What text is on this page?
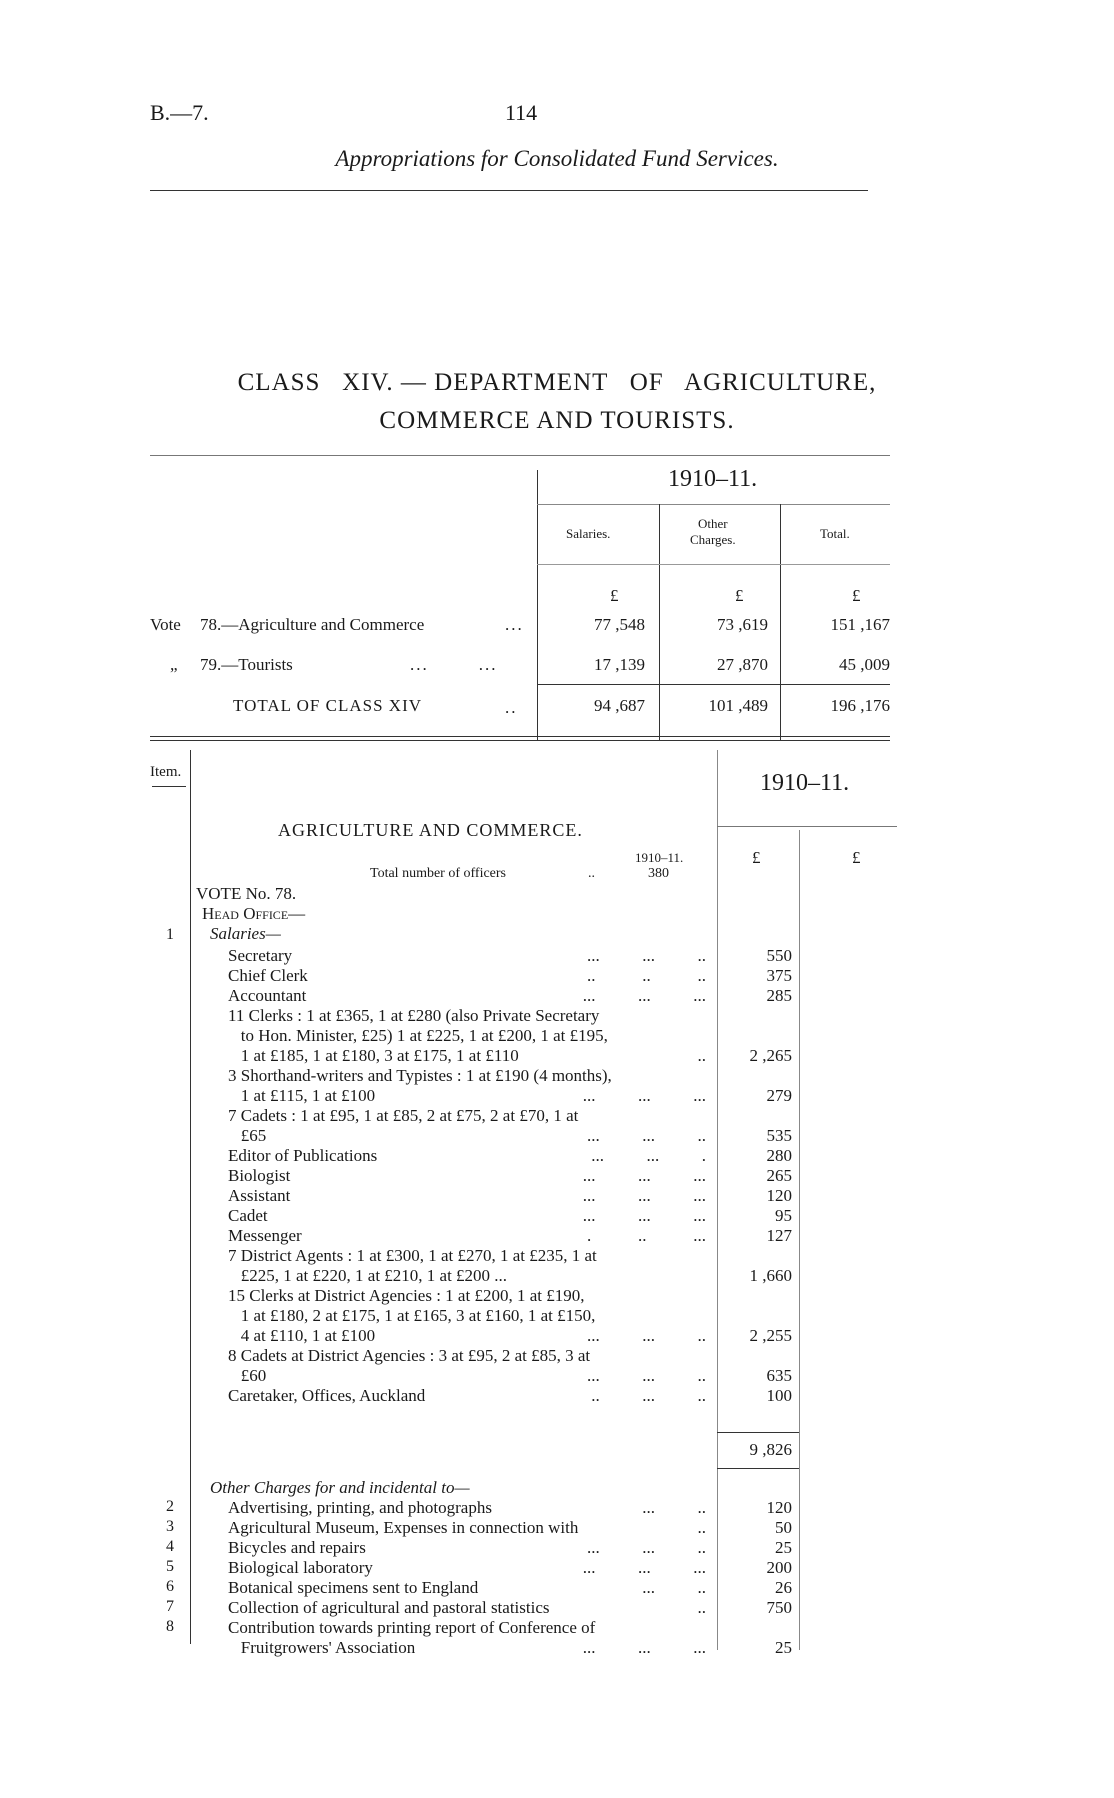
B.—7.	114
Appropriations for Consolidated Fund Services.
CLASS   XIV. — DEPARTMENT   OF   AGRICULTURE,
COMMERCE AND TOURISTS.
1910–11.
Salaries.
Other
Charges.	Total.
£	£	£
Vote 78.—Agriculture and Commerce	...	77 ,548	73 ,619	151 ,167
„ 79.—Tourists	...        ...	17 ,139	27 ,870	45 ,009
TOTAL OF CLASS XIV	..	94 ,687	101 ,489	196 ,176
Item.	1910–11.
AGRICULTURE AND COMMERCE.
1910–11.
Total number of officers	..	380
£	£
VOTE No. 78.
Head Office—
1	Salaries—
Secretary	...          ...          ..	550
Chief Clerk	..           ..           ..	375
Accountant	...          ...          ...	285
11 Clerks : 1 at £365, 1 at £280 (also Private Secretary
to Hon. Minister, £25) 1 at £225, 1 at £200, 1 at £195,
1 at £185, 1 at £180, 3 at £175, 1 at £110	..	2 ,265
3 Shorthand-writers and Typistes : 1 at £190 (4 months),
1 at £115, 1 at £100	...          ...          ...	279
7 Cadets : 1 at £95, 1 at £85, 2 at £75, 2 at £70, 1 at
£65	...          ...          ..	535
Editor of Publications	...          ...          .	280
Biologist	...          ...          ...	265
Assistant	...          ...          ...	120
Cadet	...          ...          ...	95
Messenger	.           ..           ...	127
7 District Agents : 1 at £300, 1 at £270, 1 at £235, 1 at
£225, 1 at £220, 1 at £210, 1 at £200 ...	1 ,660
15 Clerks at District Agencies : 1 at £200, 1 at £190,
1 at £180, 2 at £175, 1 at £165, 3 at £160, 1 at £150,
4 at £110, 1 at £100	...          ...          ..	2 ,255
8 Cadets at District Agencies : 3 at £95, 2 at £85, 3 at
£60	...          ...          ..	635
Caretaker, Offices, Auckland	..          ...          ..	100
9 ,826
Other Charges for and incidental to—
2	Advertising, printing, and photographs	...          ..	120
3	Agricultural Museum, Expenses in connection with	..	50
4	Bicycles and repairs	...          ...          ..	25
5	Biological laboratory	...          ...          ...	200
6	Botanical specimens sent to England	...          ..	26
7	Collection of agricultural and pastoral statistics	..	750
8	Contribution towards printing report of Conference of
Fruitgrowers' Association	...          ...          ...	25
